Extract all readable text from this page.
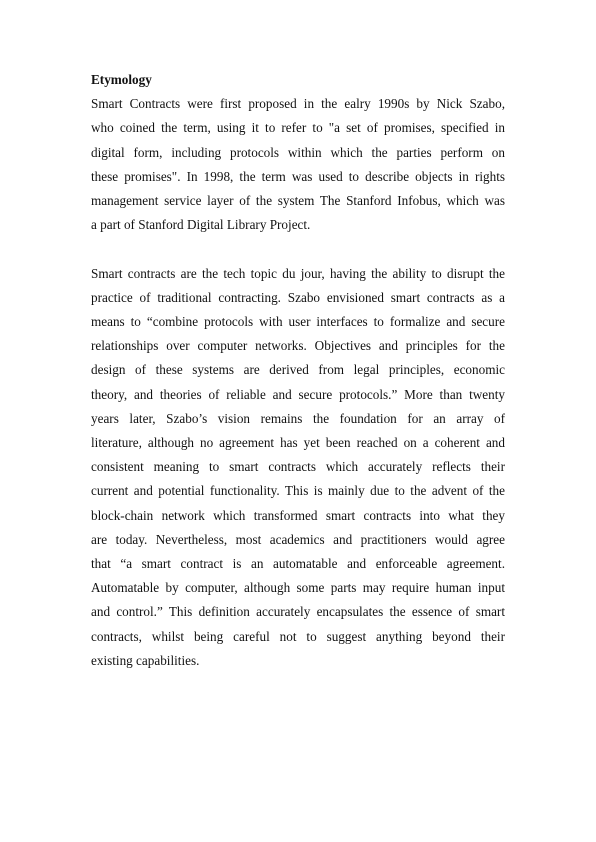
Etymology

Smart Contracts were first proposed in the ealry 1990s by Nick Szabo,
who coined the term, using it to refer to "a set of promises, specified in
digital form, including protocols within which the parties perform on
these promises". In 1998, the term was used to describe objects in rights
management service layer of the system The Stanford Infobus, which was
a part of Stanford Digital Library Project.

Smart contracts are the tech topic du jour, having the ability to disrupt the
practice of traditional contracting. Szabo envisioned smart contracts as a
means to “combine protocols with user interfaces to formalize and secure
relationships over computer networks. Objectives and principles for the
design of these systems are derived from legal principles, economic
theory, and theories of reliable and secure protocols.” More than twenty
years later, Szabo’s vision remains the foundation for an array of
literature, although no agreement has yet been reached on a coherent and
consistent meaning to smart contracts which accurately reflects their
current and potential functionality. This is mainly due to the advent of the
block-chain network which transformed smart contracts into what they
are today. Nevertheless, most academics and practitioners would agree
that “a smart contract is an automatable and enforceable agreement.
Automatable by computer, although some parts may require human input
and control.” This definition accurately encapsulates the essence of smart
contracts, whilst being careful not to suggest anything beyond their
existing capabilities.
